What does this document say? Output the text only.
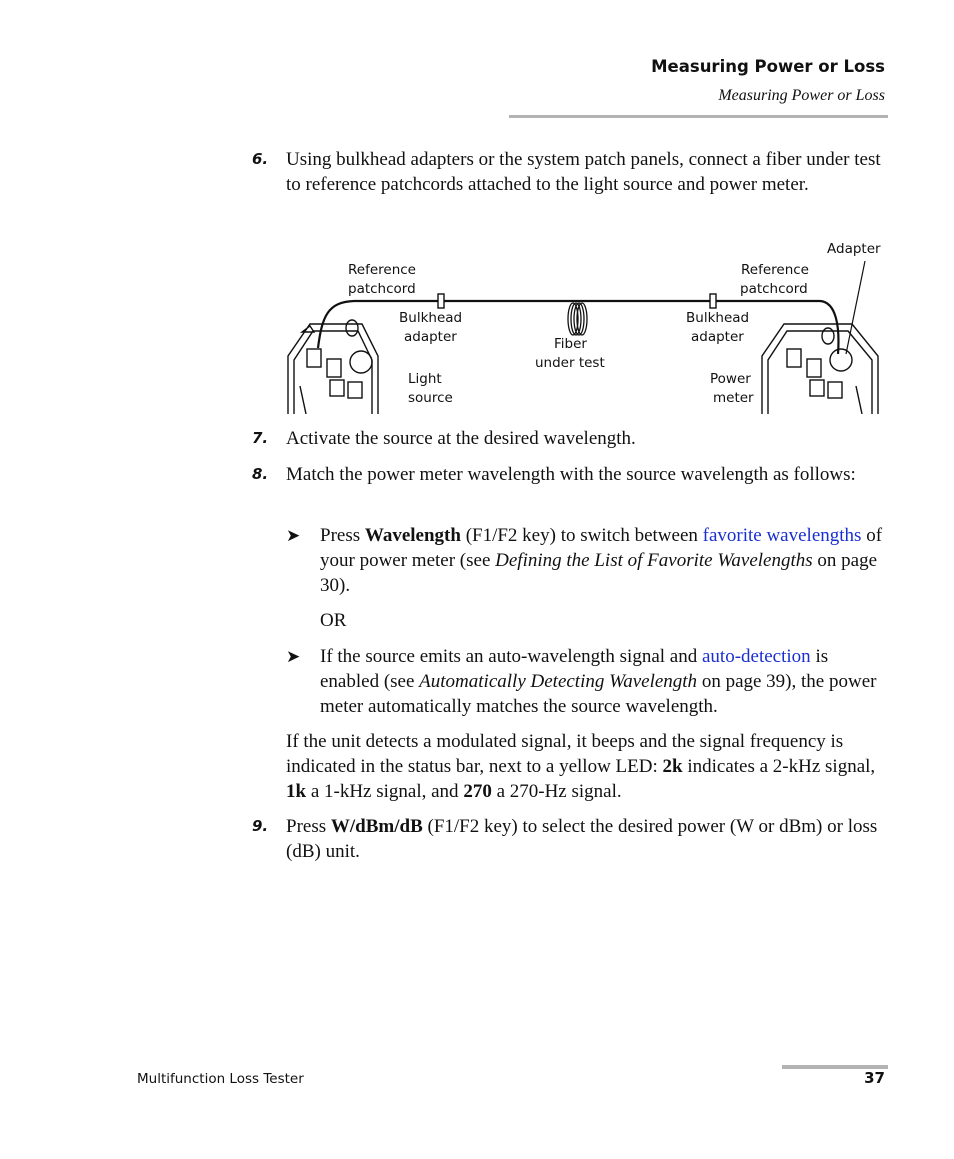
Measuring Power or Loss
Measuring Power or Loss
6. Using bulkhead adapters or the system patch panels, connect a fiber under test to reference patchcords attached to the light source and power meter.
Adapter
Reference
patchcord
Reference
patchcord
Bulkhead
adapter
Bulkhead
adapter
Fiber
under test
Light
source
Power
meter
7. Activate the source at the desired wavelength.
8. Match the power meter wavelength with the source wavelength as follows:
➤ Press Wavelength (F1/F2 key) to switch between favorite wavelengths of your power meter (see Defining the List of Favorite Wavelengths on page 30).
OR
➤ If the source emits an auto-wavelength signal and auto-detection is enabled (see Automatically Detecting Wavelength on page 39), the power meter automatically matches the source wavelength.
If the unit detects a modulated signal, it beeps and the signal frequency is indicated in the status bar, next to a yellow LED: 2k indicates a 2-kHz signal, 1k a 1-kHz signal, and 270 a 270-Hz signal.
9. Press W/dBm/dB (F1/F2 key) to select the desired power (W or dBm) or loss (dB) unit.
Multifunction Loss Tester	37
